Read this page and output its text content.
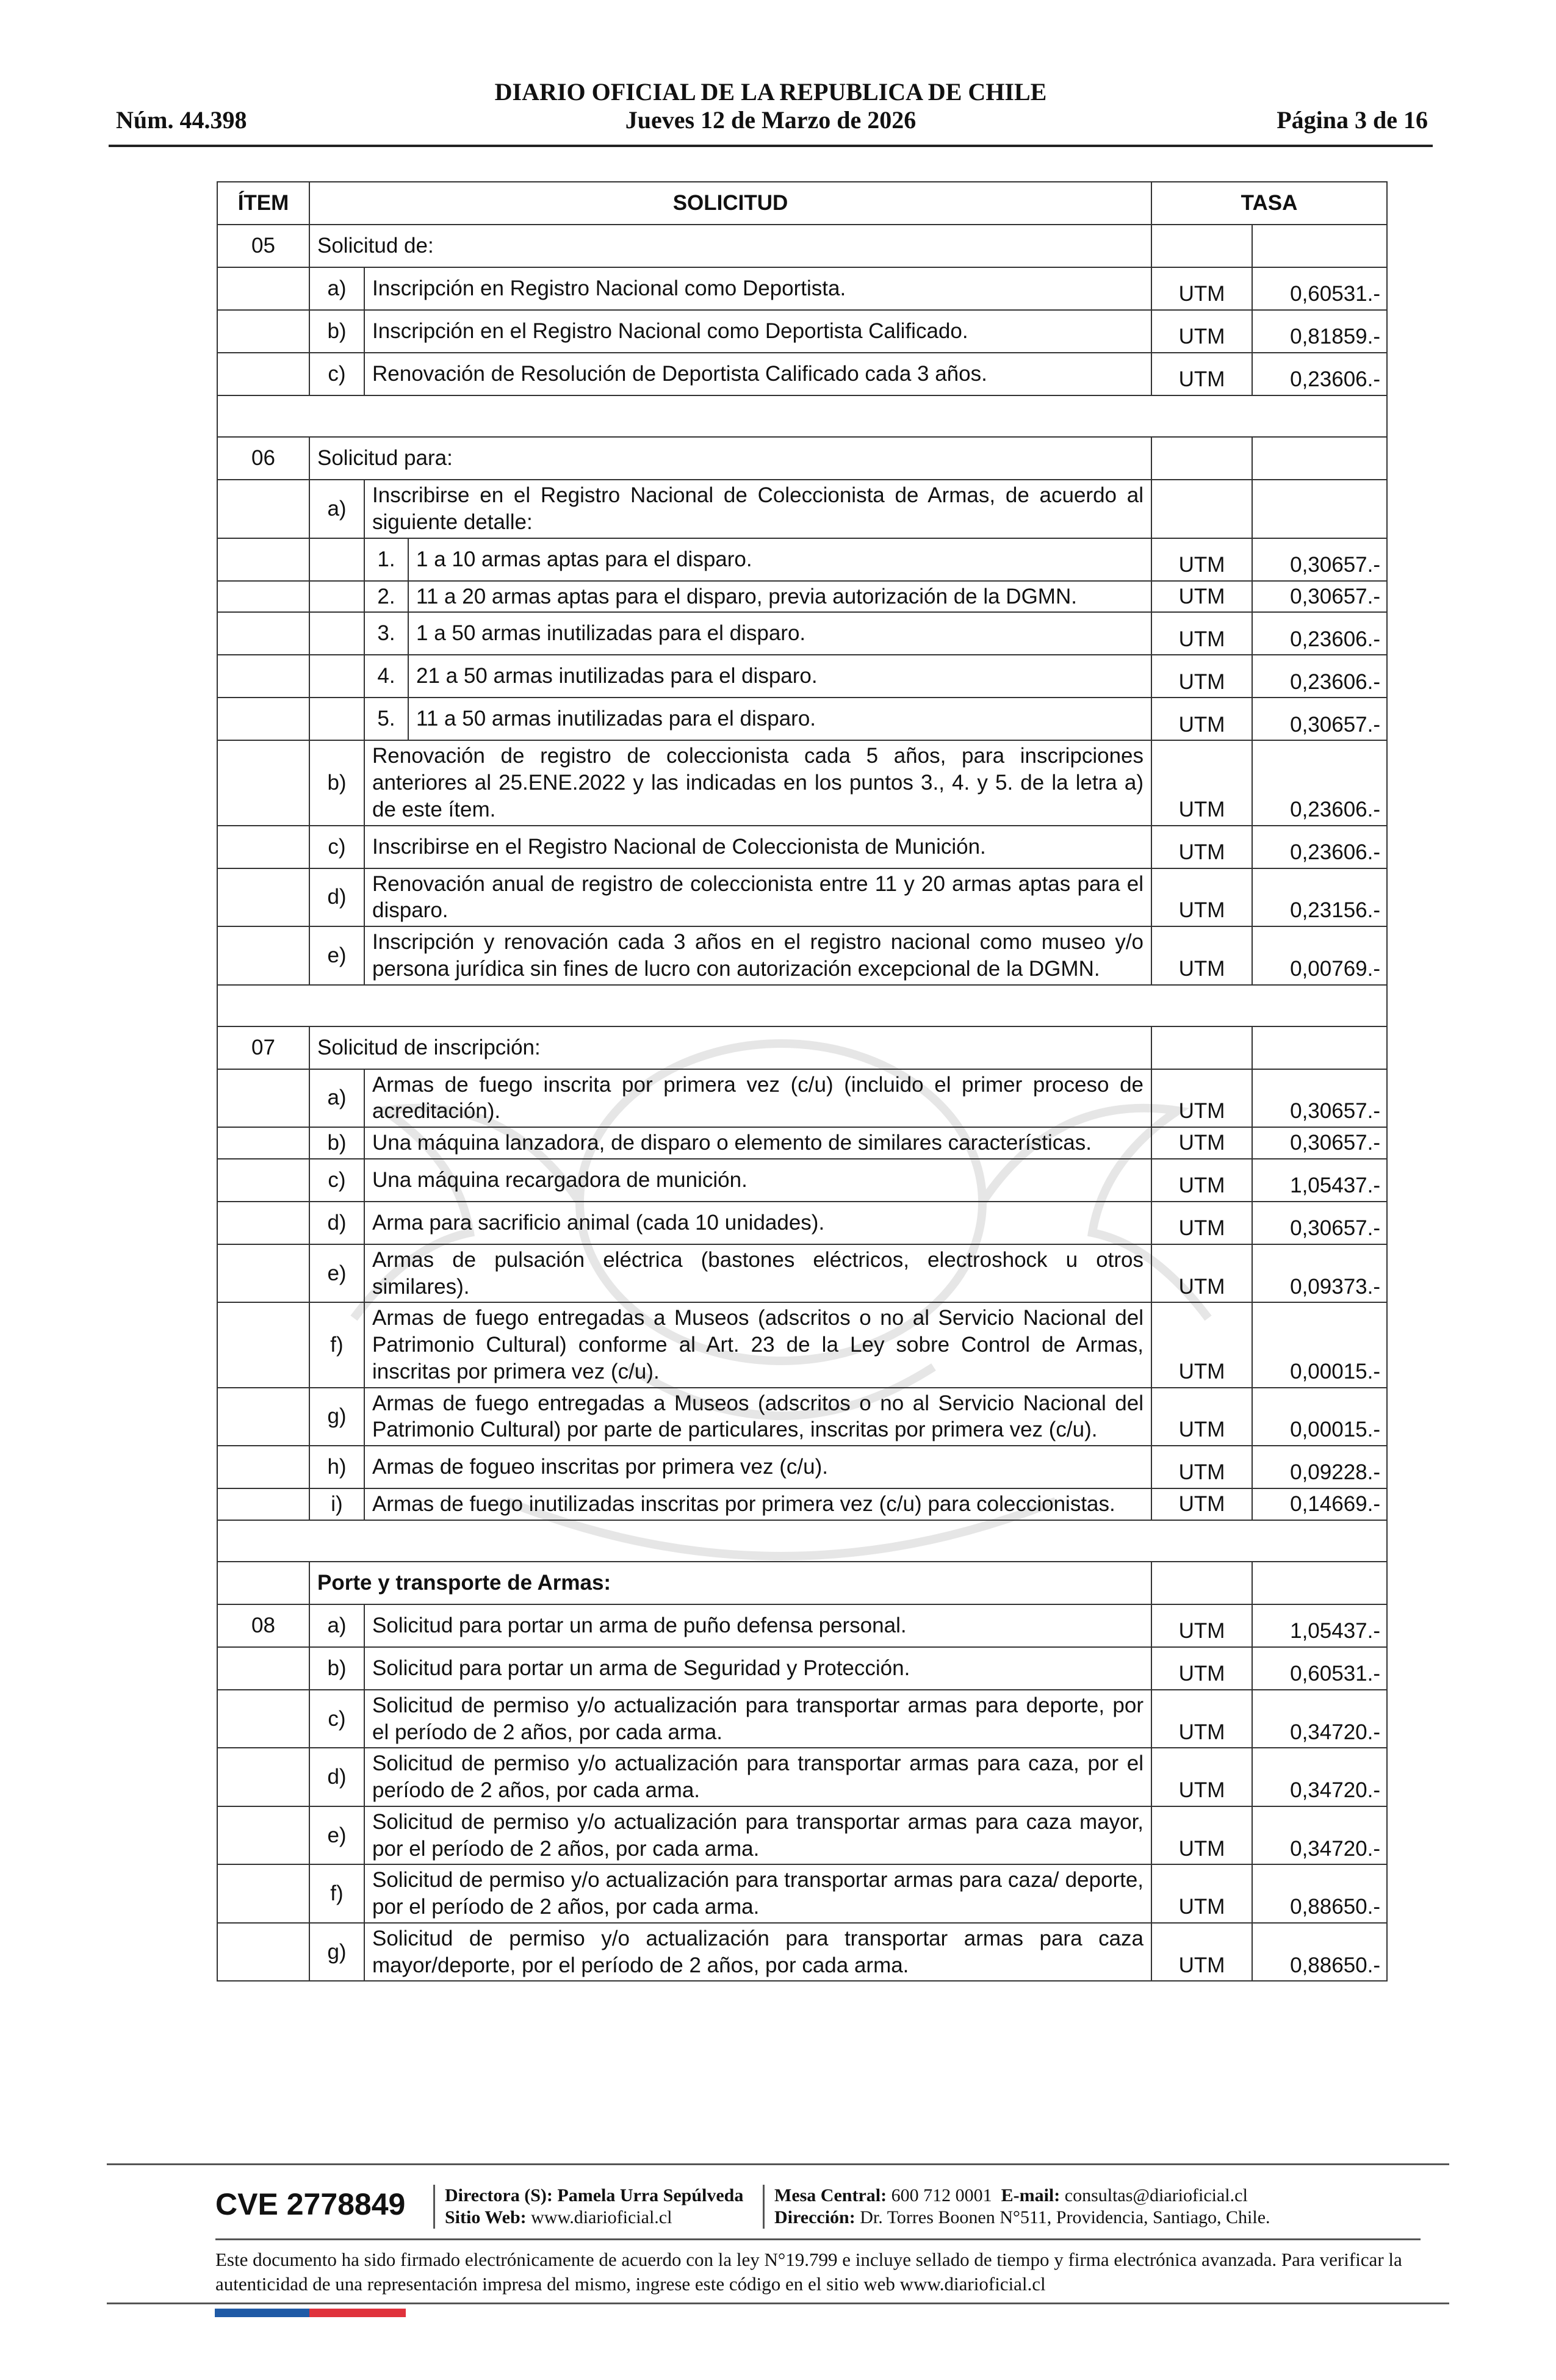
DIARIO OFICIAL DE LA REPUBLICA DE CHILE
Núm. 44.398	Jueves 12 de Marzo de 2026	Página 3 de 16
ÍTEM	SOLICITUD			TASA	
05	Solicitud de:				
	a)	Inscripción en Registro Nacional como Deportista.		UTM	0,60531.-
	b)	Inscripción en el Registro Nacional como Deportista Calificado.		UTM	0,81859.-
	c)	Renovación de Resolución de Deportista Calificado cada 3 años.		UTM	0,23606.-

06	Solicitud para:				
	a)	Inscribirse en el Registro Nacional de Coleccionista de Armas, de acuerdo al siguiente detalle:			
		1.	1 a 10 armas aptas para el disparo.	UTM	0,30657.-
		2.	11 a 20 armas aptas para el disparo, previa autorización de la DGMN.	UTM	0,30657.-
		3.	1 a 50 armas inutilizadas para el disparo.	UTM	0,23606.-
		4.	21 a 50 armas inutilizadas para el disparo.	UTM	0,23606.-
		5.	11 a 50 armas inutilizadas para el disparo.	UTM	0,30657.-
	b)	Renovación de registro de coleccionista cada 5 años, para inscripciones anteriores al 25.ENE.2022 y las indicadas en los puntos 3., 4. y 5. de la letra a) de este ítem.		UTM	0,23606.-
	c)	Inscribirse en el Registro Nacional de Coleccionista de Munición.		UTM	0,23606.-
	d)	Renovación anual de registro de coleccionista entre 11 y 20 armas aptas para el disparo.		UTM	0,23156.-
	e)	Inscripción y renovación cada 3 años en el registro nacional como museo y/o persona jurídica sin fines de lucro con autorización excepcional de la DGMN.		UTM	0,00769.-

07	Solicitud de inscripción:				
	a)	Armas de fuego inscrita por primera vez (c/u) (incluido el primer proceso de acreditación).		UTM	0,30657.-
	b)	Una máquina lanzadora, de disparo o elemento de similares características.		UTM	0,30657.-
	c)	Una máquina recargadora de munición.		UTM	1,05437.-
	d)	Arma para sacrificio animal (cada 10 unidades).		UTM	0,30657.-
	e)	Armas de pulsación eléctrica (bastones eléctricos, electroshock u otros similares).		UTM	0,09373.-
	f)	Armas de fuego entregadas a Museos (adscritos o no al Servicio Nacional del Patrimonio Cultural) conforme al Art. 23 de la Ley sobre Control de Armas, inscritas por primera vez (c/u).		UTM	0,00015.-
	g)	Armas de fuego entregadas a Museos (adscritos o no al Servicio Nacional del Patrimonio Cultural) por parte de particulares, inscritas por primera vez (c/u).		UTM	0,00015.-
	h)	Armas de fogueo inscritas por primera vez (c/u).		UTM	0,09228.-
	i)	Armas de fuego inutilizadas inscritas por primera vez (c/u) para coleccionistas.		UTM	0,14669.-

	Porte y transporte de Armas:				
08	a)	Solicitud para portar un arma de puño defensa personal.		UTM	1,05437.-
	b)	Solicitud para portar un arma de Seguridad y Protección.		UTM	0,60531.-
	c)	Solicitud de permiso y/o actualización para transportar armas para deporte, por el período de 2 años, por cada arma.		UTM	0,34720.-
	d)	Solicitud de permiso y/o actualización para transportar armas para caza, por el período de 2 años, por cada arma.		UTM	0,34720.-
	e)	Solicitud de permiso y/o actualización para transportar armas para caza mayor, por el período de 2 años, por cada arma.		UTM	0,34720.-
	f)	Solicitud de permiso y/o actualización para transportar armas para caza/ deporte, por el período de 2 años, por cada arma.		UTM	0,88650.-
	g)	Solicitud de permiso y/o actualización para transportar armas para caza mayor/deporte, por el período de 2 años, por cada arma.		UTM	0,88650.-
CVE 2778849 Directora (S): Pamela Urra Sepúlveda
Sitio Web: www.diarioficial.cl
Mesa Central: 600 712 0001 E-mail: consultas@diarioficial.cl
Dirección: Dr. Torres Boonen N°511, Providencia, Santiago, Chile.
Este documento ha sido firmado electrónicamente de acuerdo con la ley N°19.799 e incluye sellado de tiempo y firma electrónica avanzada. Para verificar la autenticidad de una representación impresa del mismo, ingrese este código en el sitio web www.diarioficial.cl
